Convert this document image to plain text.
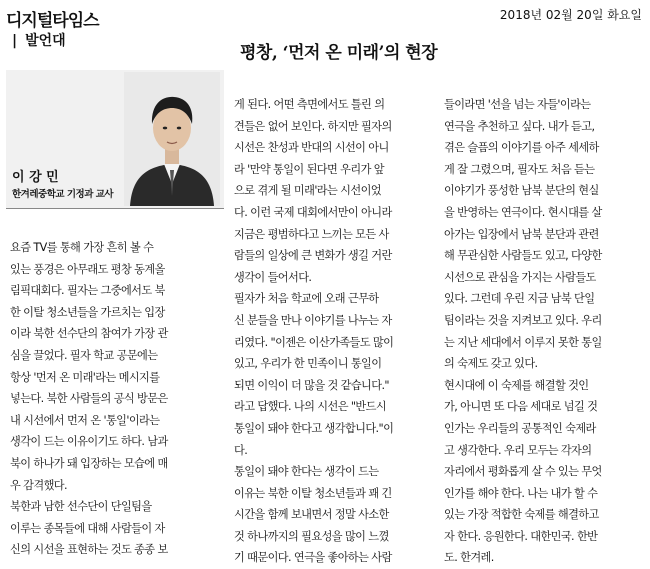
디지털타임스
| 발언대
2018년 02월 20일 화요일
평창, ‘먼저 온 미래’의 현장
이 강 민
한겨레중학교 기정과 교사
요즘 TV를 통해 가장 흔히 볼 수
있는 풍경은 아무래도 평창 동계올
림픽대회다. 필자는 그중에서도 북
한 이탈 청소년들을 가르치는 입장
이라 북한 선수단의 참여가 가장 관
심을 끌었다. 필자 학교 공문에는
항상 '먼저 온 미래'라는 메시지를
넣는다. 북한 사람들의 공식 방문은
내 시선에서 먼저 온 '통일'이라는
생각이 드는 이유이기도 하다. 남과
북이 하나가 돼 입장하는 모습에 매
우 감격했다.
북한과 남한 선수단이 단일팀을
이루는 종목들에 대해 사람들이 자
신의 시선을 표현하는 것도 종종 보
게 된다. 어떤 측면에서도 틀린 의
견들은 없어 보인다. 하지만 필자의
시선은 찬성과 반대의 시선이 아니
라 '만약 통일이 된다면 우리가 앞
으로 겪게 될 미래'라는 시선이었
다. 이런 국제 대회에서만이 아니라
지금은 평범하다고 느끼는 모든 사
람들의 일상에 큰 변화가 생길 거란
생각이 들어서다.
필자가 처음 학교에 오래 근무하
신 분들을 만나 이야기를 나누는 자
리였다. "이젠은 이산가족들도 많이
있고, 우리가 한 민족이니 통일이
되면 이익이 더 많을 것 같습니다."
라고 답했다. 나의 시선은 "반드시
통일이 돼야 한다고 생각합니다."이
다.
통일이 돼야 한다는 생각이 드는
이유는 북한 이탈 청소년들과 꽤 긴
시간을 함께 보내면서 정말 사소한
것 하나까지의 필요성을 많이 느꼈
기 때문이다. 연극을 좋아하는 사람
들이라면 '선을 넘는 자들'이라는
연극을 추천하고 싶다. 내가 듣고,
겪은 슬픔의 이야기를 아주 세세하
게 잘 그렸으며, 필자도 처음 듣는
이야기가 풍성한 남북 분단의 현실
을 반영하는 연극이다. 현시대를 살
아가는 입장에서 남북 분단과 관련
해 무관심한 사람들도 있고, 다양한
시선으로 관심을 가지는 사람들도
있다. 그런데 우린 지금 남북 단일
팀이라는 것을 지켜보고 있다. 우리
는 지난 세대에서 이루지 못한 통일
의 숙제도 갖고 있다.
현시대에 이 숙제를 해결할 것인
가, 아니면 또 다음 세대로 넘길 것
인가는 우리들의 공통적인 숙제라
고 생각한다. 우리 모두는 각자의
자리에서 평화롭게 살 수 있는 무엇
인가를 해야 한다. 나는 내가 할 수
있는 가장 적합한 숙제를 해결하고
자 한다. 응원한다. 대한민국. 한반
도. 한겨레.
